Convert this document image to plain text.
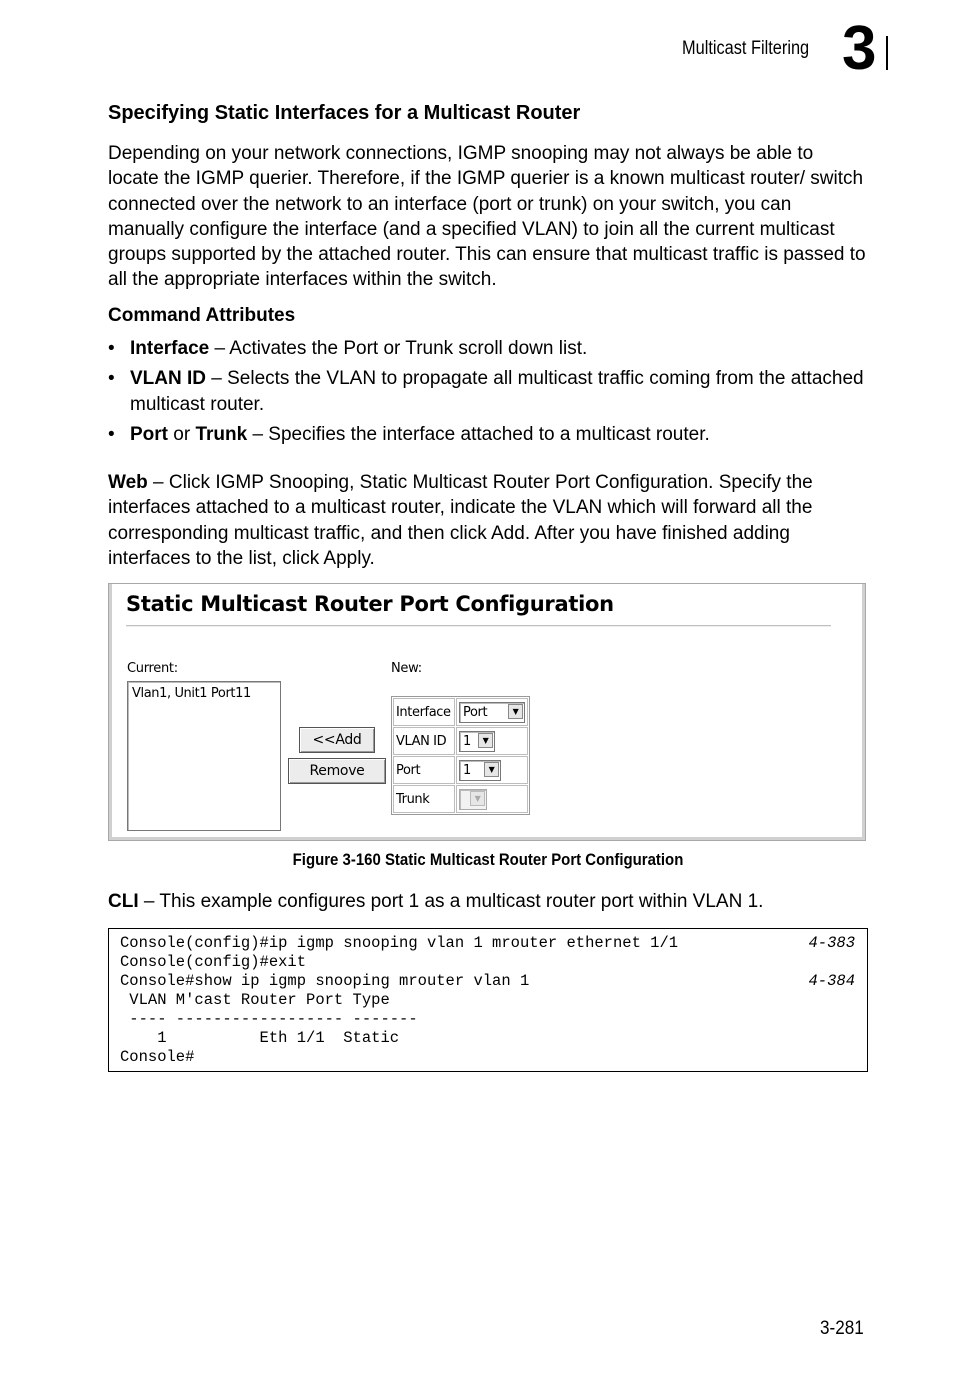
Multicast Filtering 3
Specifying Static Interfaces for a Multicast Router
Depending on your network connections, IGMP snooping may not always be able to locate the IGMP querier. Therefore, if the IGMP querier is a known multicast router/ switch connected over the network to an interface (port or trunk) on your switch, you can manually configure the interface (and a specified VLAN) to join all the current multicast groups supported by the attached router. This can ensure that multicast traffic is passed to all the appropriate interfaces within the switch.
Command Attributes
• Interface – Activates the Port or Trunk scroll down list.
• VLAN ID – Selects the VLAN to propagate all multicast traffic coming from the attached multicast router.
• Port or Trunk – Specifies the interface attached to a multicast router.
Web – Click IGMP Snooping, Static Multicast Router Port Configuration. Specify the interfaces attached to a multicast router, indicate the VLAN which will forward all the corresponding multicast traffic, and then click Add. After you have finished adding interfaces to the list, click Apply.
Static Multicast Router Port Configuration
Current:
Vlan1, Unit1 Port11
New:
<<Add
Remove
Interface	Port ▼

VLAN ID	1 ▼

Port	1 ▼

Trunk	▼
Figure 3-160 Static Multicast Router Port Configuration
CLI – This example configures port 1 as a multicast router port within VLAN 1.
Console(config)#ip igmp snooping vlan 1 mrouter ethernet 1/1	4-383
Console(config)#exit
Console#show ip igmp snooping mrouter vlan 1	4-384
VLAN M'cast Router Port Type
---- ------------------ -------
1          Eth 1/1  Static
Console#
3-281
